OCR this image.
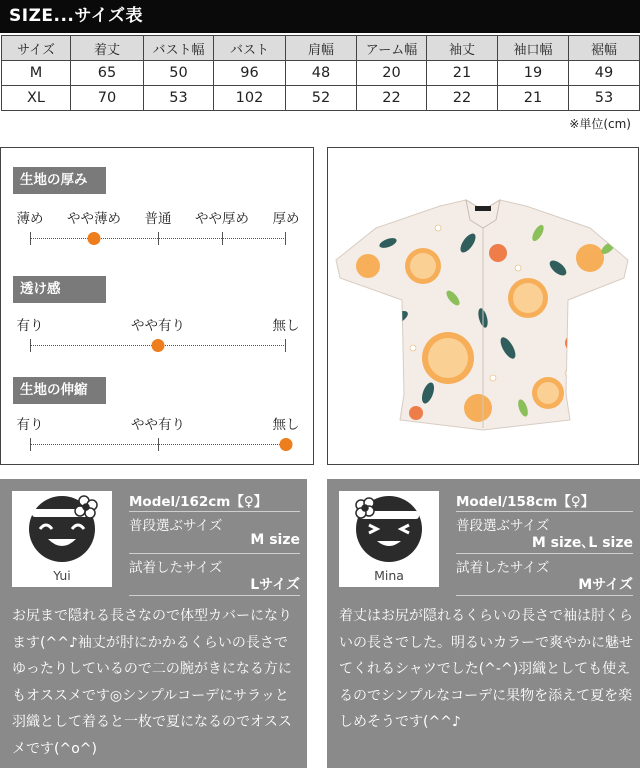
SIZE...サイズ表
サイズ	着丈	バスト幅	バスト	肩幅	アーム幅	袖丈	袖口幅	裾幅
M	65	50	96	48	20	21	19	49
XL	70	53	102	52	22	22	21	53
※単位(cm)
生地の厚み
薄め やや薄め 普通 やや厚め 厚め
透け感
有り	やや有り	無し
生地の伸縮
有り	やや有り	無し
Yui
Model/162cm【♀】
普段選ぶサイズ
M size
試着したサイズ
Lサイズ
お尻まで隠れる長さなので体型カバーになります(^^♪袖丈が肘にかかるくらいの長さでゆったりしているので二の腕がきになる方にもオススメです◎シンプルコーデにサラッと羽織として着ると一枚で夏になるのでオススメです(^o^)
Mina
Model/158cm【♀】
普段選ぶサイズ
M size､L size
試着したサイズ
Mサイズ
着丈はお尻が隠れるくらいの長さで袖は肘くらいの長さでした。明るいカラーで爽やかに魅せてくれるシャツでした(^-^)羽織としても使えるのでシンプルなコーデに果物を添えて夏を楽しめそうです(^^♪
